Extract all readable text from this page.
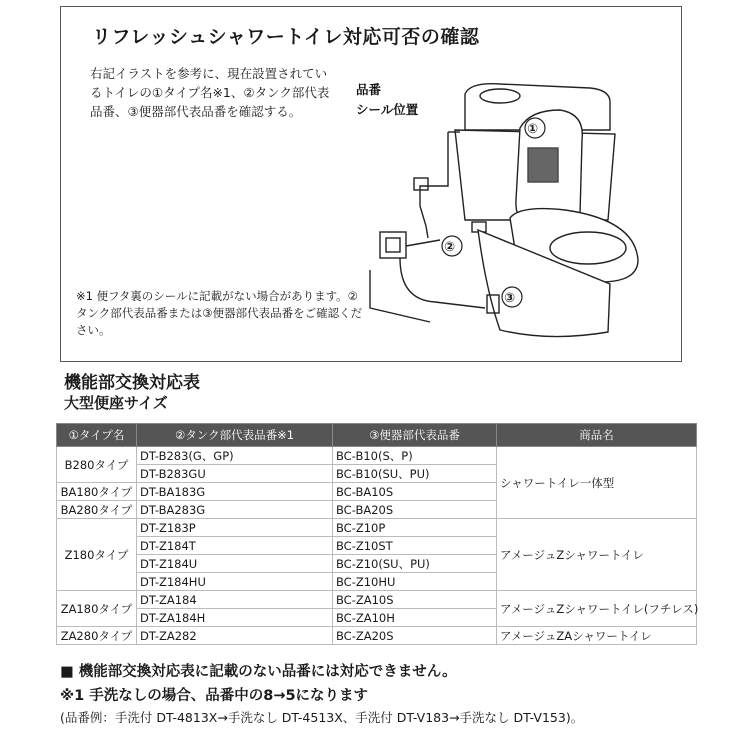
リフレッシュシャワートイレ対応可否の確認
右記イラストを参考に、現在設置されているトイレの①タイプ名※1、②タンク部代表品番、③便器部代表品番を確認する。
※1 便フタ裏のシールに記載がない場合があります。②タンク部代表品番または③便器部代表品番をご確認ください。
品番
シール位置
①
②
③
機能部交換対応表
大型便座サイズ
①タイプ名	②タンク部代表品番※1	③便器部代表品番	商品名
B280タイプ	DT-B283(G、GP)	BC-B10(S、P)	シャワートイレ一体型
	DT-B283GU	BC-B10(SU、PU)	
BA180タイプ	DT-BA183G	BC-BA10S	
BA280タイプ	DT-BA283G	BC-BA20S	
Z180タイプ	DT-Z183P	BC-Z10P	アメージュZシャワートイレ
	DT-Z184T	BC-Z10ST	
	DT-Z184U	BC-Z10(SU、PU)	
	DT-Z184HU	BC-Z10HU	
ZA180タイプ	DT-ZA184	BC-ZA10S	アメージュZシャワートイレ(フチレス)
	DT-ZA184H	BC-ZA10H	
ZA280タイプ	DT-ZA282	BC-ZA20S	アメージュZAシャワートイレ
■ 機能部交換対応表に記載のない品番には対応できません。
※1 手洗なしの場合、品番中の8→5になります
(品番例：手洗付 DT-4813X→手洗なし DT-4513X、手洗付 DT-V183→手洗なし DT-V153)。
